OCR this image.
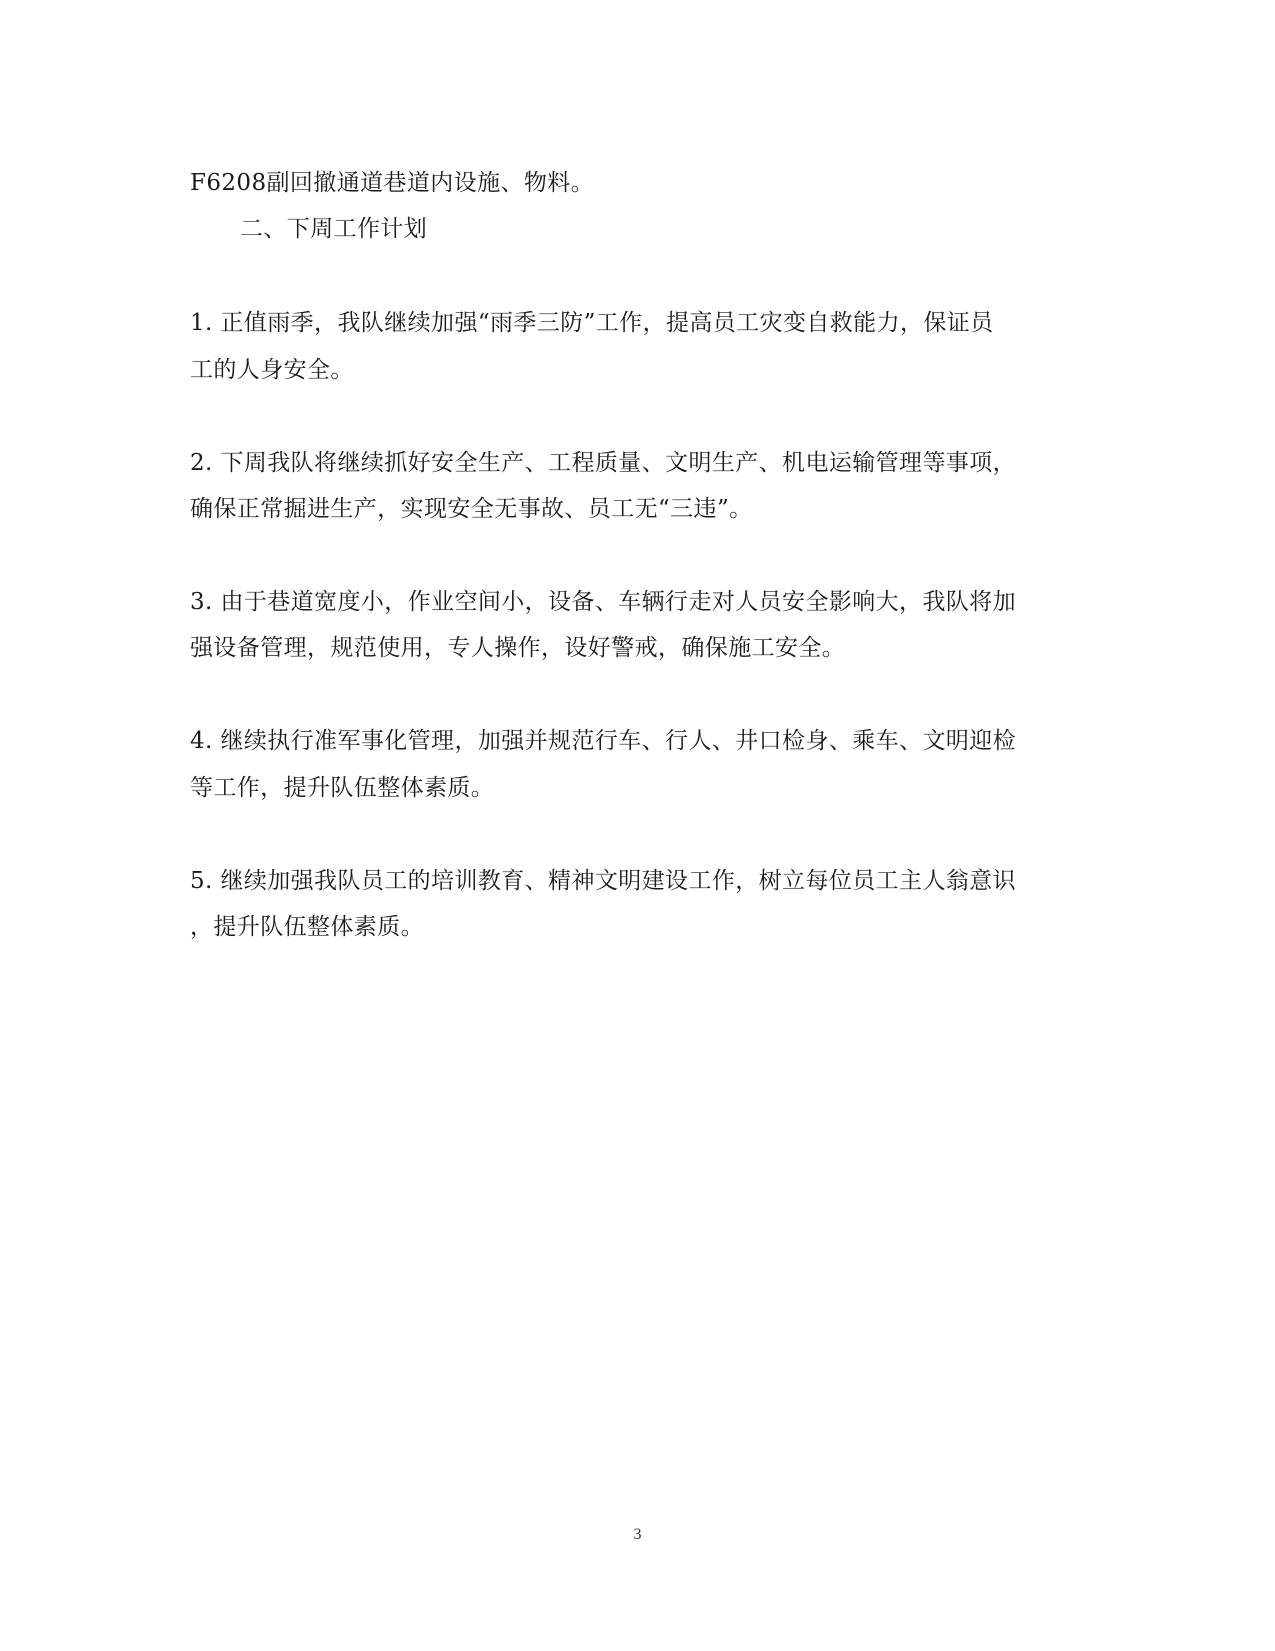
F6208副回撤通道巷道内设施、物料。
二、下周工作计划
1. 正值雨季，我队继续加强“雨季三防”工作，提高员工灾变自救能力，保证员
工的人身安全。
2. 下周我队将继续抓好安全生产、工程质量、文明生产、机电运输管理等事项，
确保正常掘进生产，实现安全无事故、员工无“三违”。
3. 由于巷道宽度小，作业空间小，设备、车辆行走对人员安全影响大，我队将加
强设备管理，规范使用，专人操作，设好警戒，确保施工安全。
4. 继续执行准军事化管理，加强并规范行车、行人、井口检身、乘车、文明迎检
等工作，提升队伍整体素质。
5. 继续加强我队员工的培训教育、精神文明建设工作，树立每位员工主人翁意识
，提升队伍整体素质。
3
